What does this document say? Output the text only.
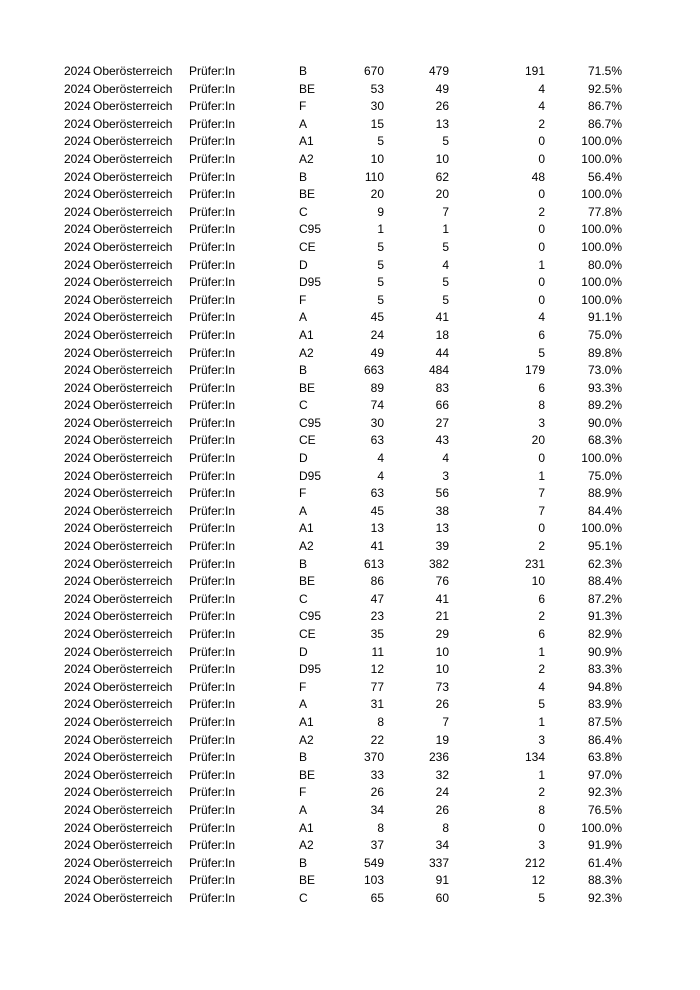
2024 Oberösterreich Prüfer:In	B	670	479	191	71.5%
2024 Oberösterreich Prüfer:In	BE	53	49	4	92.5%
2024 Oberösterreich Prüfer:In	F	30	26	4	86.7%
2024 Oberösterreich Prüfer:In	A	15	13	2	86.7%
2024 Oberösterreich Prüfer:In	A1	5	5	0	100.0%
2024 Oberösterreich Prüfer:In	A2	10	10	0	100.0%
2024 Oberösterreich Prüfer:In	B	110	62	48	56.4%
2024 Oberösterreich Prüfer:In	BE	20	20	0	100.0%
2024 Oberösterreich Prüfer:In	C	9	7	2	77.8%
2024 Oberösterreich Prüfer:In	C95	1	1	0	100.0%
2024 Oberösterreich Prüfer:In	CE	5	5	0	100.0%
2024 Oberösterreich Prüfer:In	D	5	4	1	80.0%
2024 Oberösterreich Prüfer:In	D95	5	5	0	100.0%
2024 Oberösterreich Prüfer:In	F	5	5	0	100.0%
2024 Oberösterreich Prüfer:In	A	45	41	4	91.1%
2024 Oberösterreich Prüfer:In	A1	24	18	6	75.0%
2024 Oberösterreich Prüfer:In	A2	49	44	5	89.8%
2024 Oberösterreich Prüfer:In	B	663	484	179	73.0%
2024 Oberösterreich Prüfer:In	BE	89	83	6	93.3%
2024 Oberösterreich Prüfer:In	C	74	66	8	89.2%
2024 Oberösterreich Prüfer:In	C95	30	27	3	90.0%
2024 Oberösterreich Prüfer:In	CE	63	43	20	68.3%
2024 Oberösterreich Prüfer:In	D	4	4	0	100.0%
2024 Oberösterreich Prüfer:In	D95	4	3	1	75.0%
2024 Oberösterreich Prüfer:In	F	63	56	7	88.9%
2024 Oberösterreich Prüfer:In	A	45	38	7	84.4%
2024 Oberösterreich Prüfer:In	A1	13	13	0	100.0%
2024 Oberösterreich Prüfer:In	A2	41	39	2	95.1%
2024 Oberösterreich Prüfer:In	B	613	382	231	62.3%
2024 Oberösterreich Prüfer:In	BE	86	76	10	88.4%
2024 Oberösterreich Prüfer:In	C	47	41	6	87.2%
2024 Oberösterreich Prüfer:In	C95	23	21	2	91.3%
2024 Oberösterreich Prüfer:In	CE	35	29	6	82.9%
2024 Oberösterreich Prüfer:In	D	11	10	1	90.9%
2024 Oberösterreich Prüfer:In	D95	12	10	2	83.3%
2024 Oberösterreich Prüfer:In	F	77	73	4	94.8%
2024 Oberösterreich Prüfer:In	A	31	26	5	83.9%
2024 Oberösterreich Prüfer:In	A1	8	7	1	87.5%
2024 Oberösterreich Prüfer:In	A2	22	19	3	86.4%
2024 Oberösterreich Prüfer:In	B	370	236	134	63.8%
2024 Oberösterreich Prüfer:In	BE	33	32	1	97.0%
2024 Oberösterreich Prüfer:In	F	26	24	2	92.3%
2024 Oberösterreich Prüfer:In	A	34	26	8	76.5%
2024 Oberösterreich Prüfer:In	A1	8	8	0	100.0%
2024 Oberösterreich Prüfer:In	A2	37	34	3	91.9%
2024 Oberösterreich Prüfer:In	B	549	337	212	61.4%
2024 Oberösterreich Prüfer:In	BE	103	91	12	88.3%
2024 Oberösterreich Prüfer:In	C	65	60	5	92.3%
